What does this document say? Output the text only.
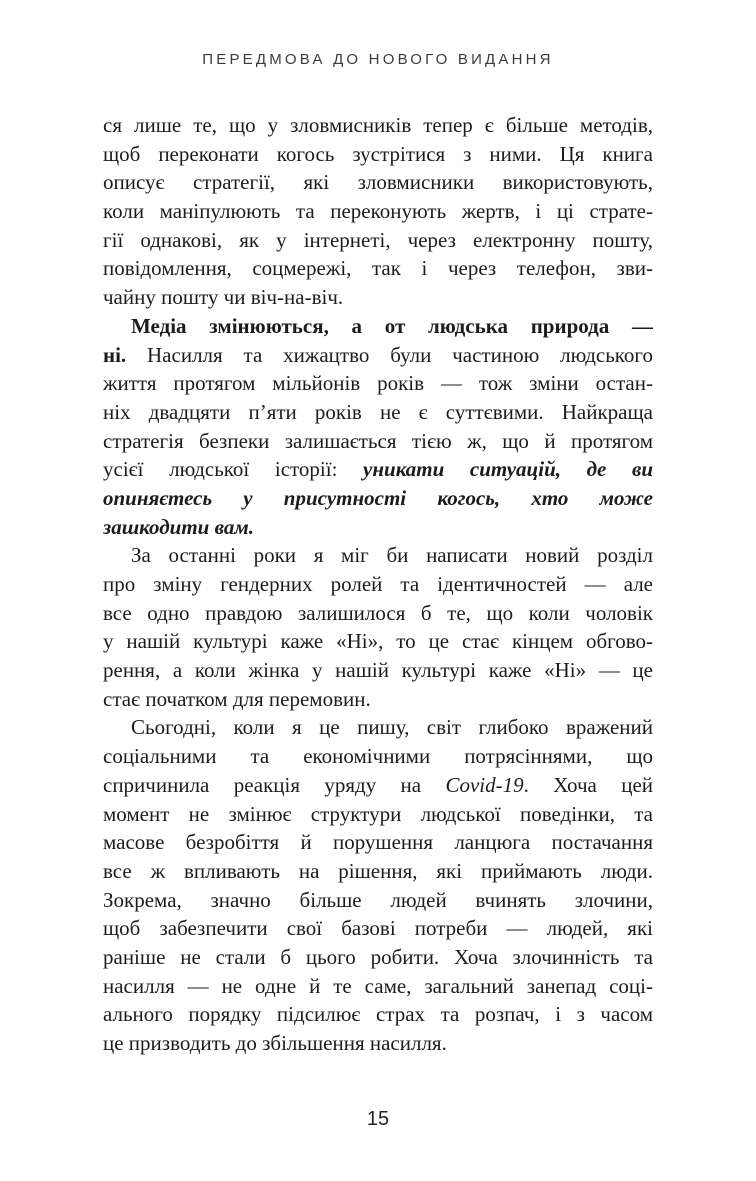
ПЕРЕДМОВА ДО НОВОГО ВИДАННЯ
ся лише те, що у зловмисників тепер є більше методів,
щоб переконати когось зустрітися з ними. Ця книга
описує стратегії, які зловмисники використовують,
коли маніпулюють та переконують жертв, і ці страте-
гії однакові, як у інтернеті, через електронну пошту,
повідомлення, соцмережі, так і через телефон, зви-
чайну пошту чи віч-на-віч.
Медіа змінюються, а от людська природа —
ні. Насилля та хижацтво були частиною людського
життя протягом мільйонів років — тож зміни остан-
ніх двадцяти п’яти років не є суттєвими. Найкраща
стратегія безпеки залишається тією ж, що й протягом
усієї людської історії: уникати ситуацій, де ви
опиняєтесь у присутності когось, хто може
зашкодити вам.
За останні роки я міг би написати новий розділ
про зміну гендерних ролей та ідентичностей — але
все одно правдою залишилося б те, що коли чоловік
у нашій культурі каже «Ні», то це стає кінцем обгово-
рення, а коли жінка у нашій культурі каже «Ні» — це
стає початком для перемовин.
Сьогодні, коли я це пишу, світ глибоко вражений
соціальними та економічними потрясіннями, що
спричинила реакція уряду на Covid-19. Хоча цей
момент не змінює структури людської поведінки, та
масове безробіття й порушення ланцюга постачання
все ж впливають на рішення, які приймають люди.
Зокрема, значно більше людей вчинять злочини,
щоб забезпечити свої базові потреби — людей, які
раніше не стали б цього робити. Хоча злочинність та
насилля — не одне й те саме, загальний занепад соці-
ального порядку підсилює страх та розпач, і з часом
це призводить до збільшення насилля.
15
